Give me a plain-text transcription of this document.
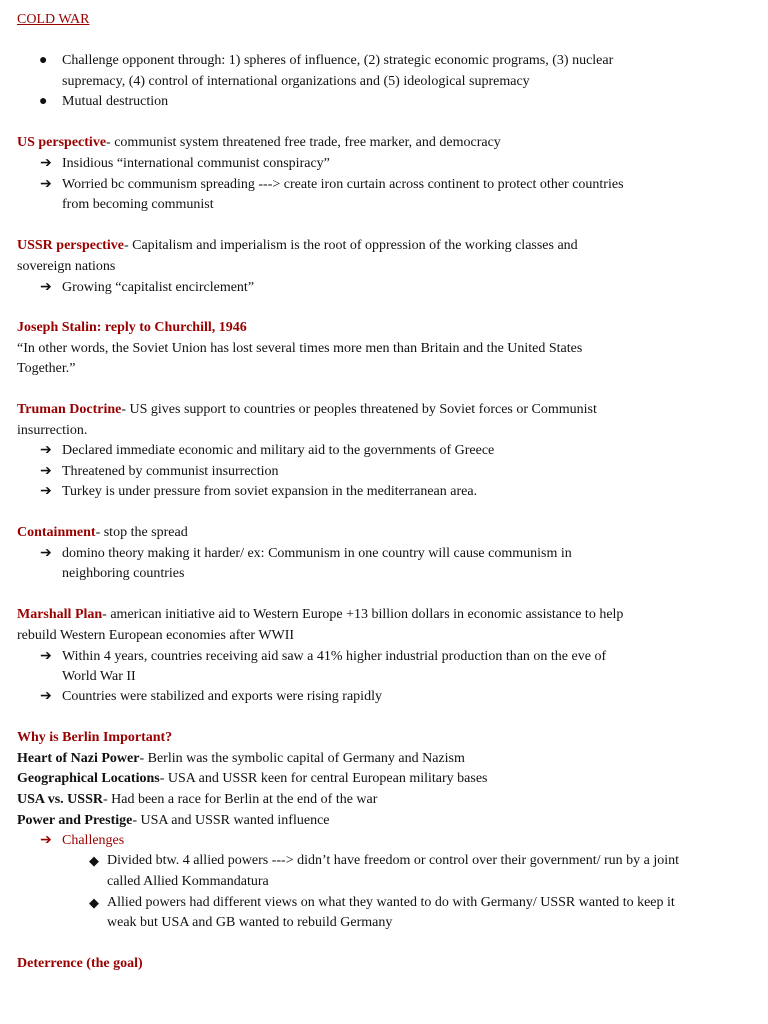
COLD WAR
●	Challenge opponent through: 1) spheres of influence, (2) strategic economic programs, (3) nuclear
supremacy, (4) control of international organizations and (5) ideological supremacy
●	Mutual destruction
US perspective- communist system threatened free trade, free marker, and democracy
➔ Insidious “international communist conspiracy”
➔ Worried bc communism spreading ---> create iron curtain across continent to protect other countries
from becoming communist
USSR perspective- Capitalism and imperialism is the root of oppression of the working classes and
sovereign nations
➔ Growing “capitalist encirclement”
Joseph Stalin: reply to Churchill, 1946
“In other words, the Soviet Union has lost several times more men than Britain and the United States
Together.”
Truman Doctrine- US gives support to countries or peoples threatened by Soviet forces or Communist
insurrection.
➔ Declared immediate economic and military aid to the governments of Greece
➔ Threatened by communist insurrection
➔ Turkey is under pressure from soviet expansion in the mediterranean area.
Containment- stop the spread
➔ domino theory making it harder/ ex: Communism in one country will cause communism in
neighboring countries
Marshall Plan- american initiative aid to Western Europe +13 billion dollars in economic assistance to help
rebuild Western European economies after WWII
➔ Within 4 years, countries receiving aid saw a 41% higher industrial production than on the eve of
World War II
➔ Countries were stabilized and exports were rising rapidly
Why is Berlin Important?
Heart of Nazi Power- Berlin was the symbolic capital of Germany and Nazism
Geographical Locations- USA and USSR keen for central European military bases
USA vs. USSR- Had been a race for Berlin at the end of the war
Power and Prestige- USA and USSR wanted influence
➔ Challenges
◆ Divided btw. 4 allied powers ---> didn’t have freedom or control over their government/ run by a joint
called Allied Kommandatura
◆ Allied powers had different views on what they wanted to do with Germany/ USSR wanted to keep it
weak but USA and GB wanted to rebuild Germany
Deterrence (the goal)
